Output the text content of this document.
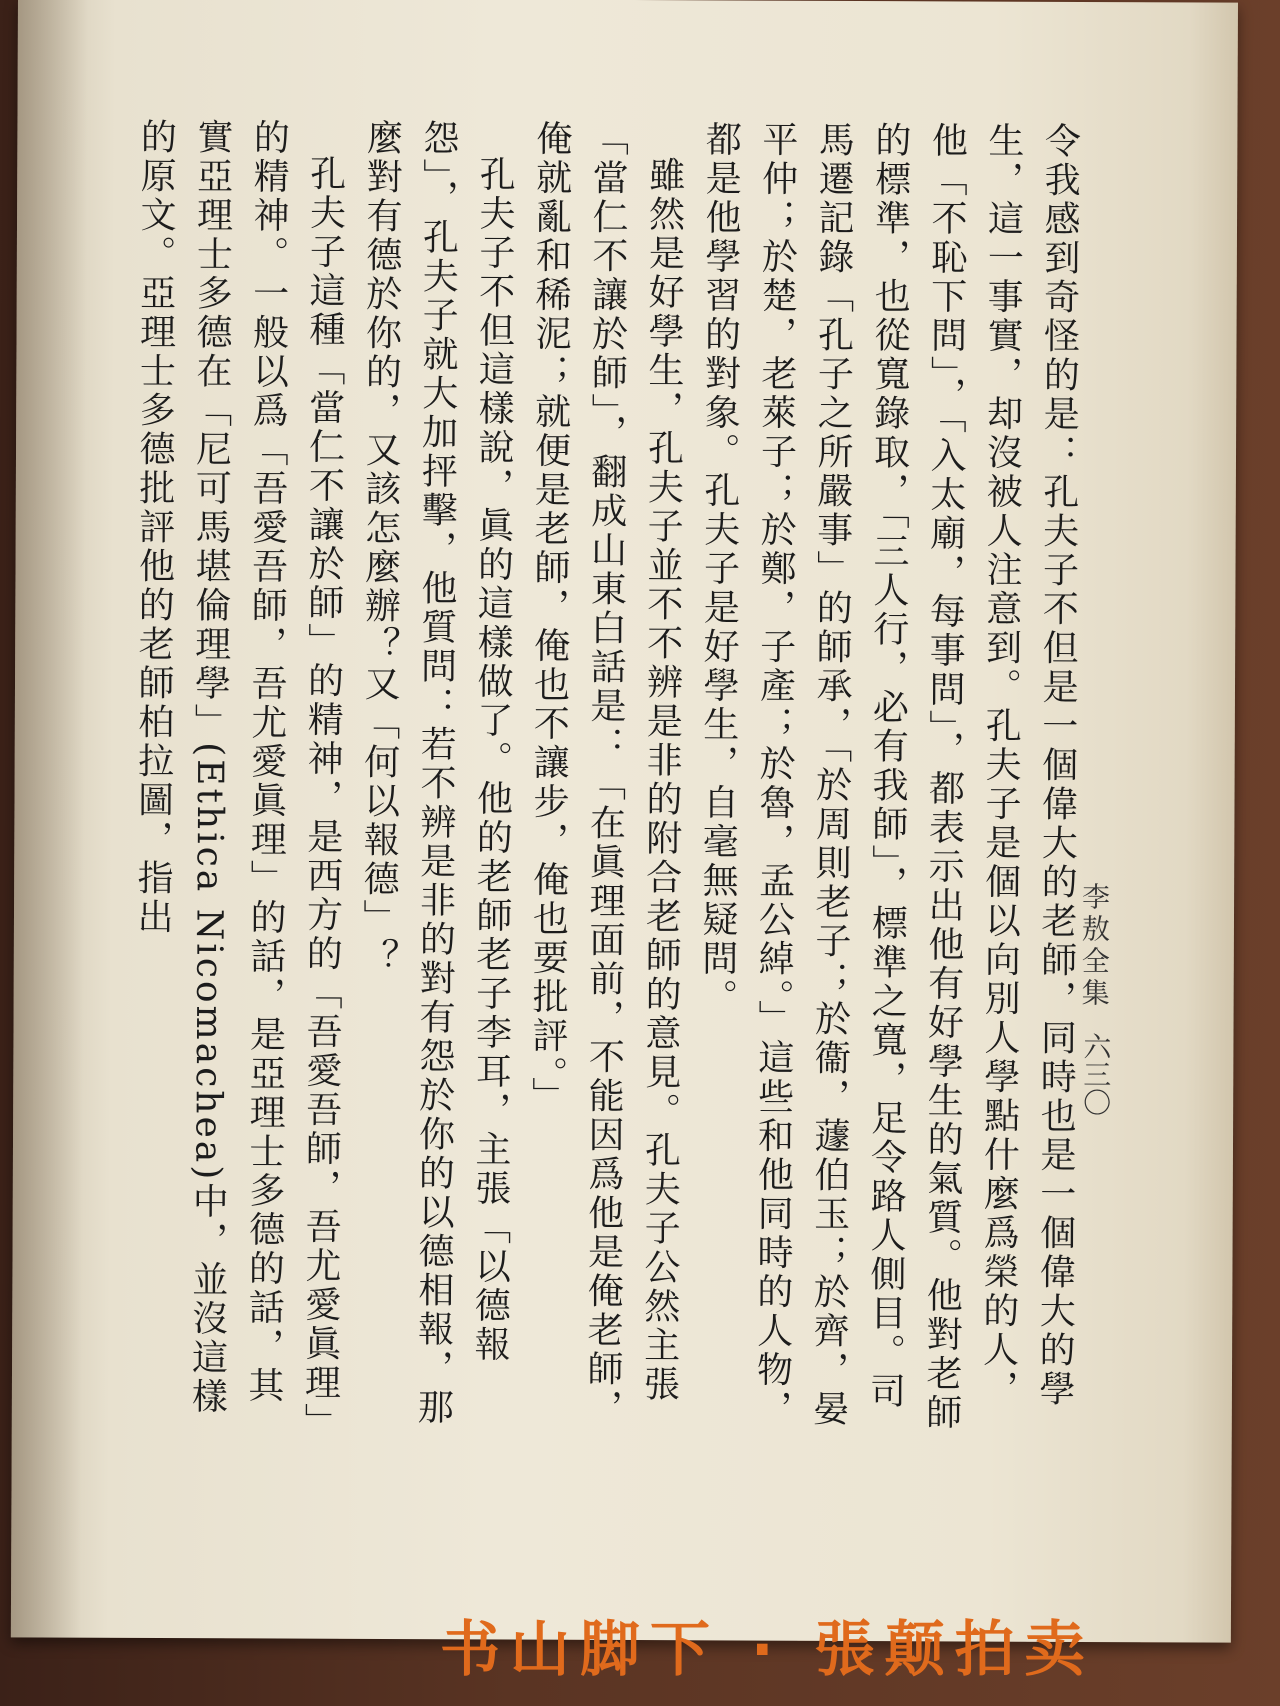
李敖全集
六三〇

令我感到奇怪的是：孔夫子不但是一個偉大的老師，同時也是一個偉大的學生，這一事實，却沒被人注意到。孔夫子是個以向別人學點什麼爲榮的人，他「不恥下問」，「入太廟，每事問」，都表示出他有好學生的氣質。他對老師的標準，也從寬錄取，「三人行，必有我師」，標準之寬，足令路人側目。司馬遷記錄「孔子之所嚴事」的師承，「於周則老子；於衞，蘧伯玉；於齊，晏平仲；於楚，老萊子；於鄭，子產；於魯，孟公綽。」這些和他同時的人物，都是他學習的對象。孔夫子是好學生，自毫無疑問。

雖然是好學生，孔夫子並不不辨是非的附合老師的意見。孔夫子公然主張「當仁不讓於師」，翻成山東白話是：「在眞理面前，不能因爲他是俺老師，俺就亂和稀泥；就便是老師，俺也不讓步，俺也要批評。」

孔夫子不但這樣說，眞的這樣做了。他的老師老子李耳，主張「以德報怨」，孔夫子就大加抨擊，他質問：若不辨是非的對有怨於你的以德相報，那麼對有德於你的，又該怎麼辦？又「何以報德」？

孔夫子這種「當仁不讓於師」的精神，是西方的「吾愛吾師，吾尤愛眞理」的精神。一般以爲「吾愛吾師，吾尤愛眞理」的話，是亞理士多德的話，其實亞理士多德在「尼可馬堪倫理學」(Ethica Nicomachea)中，並沒這樣的原文。亞理士多德批評他的老師柏拉圖，指出

书山脚下 · 張颠拍卖
